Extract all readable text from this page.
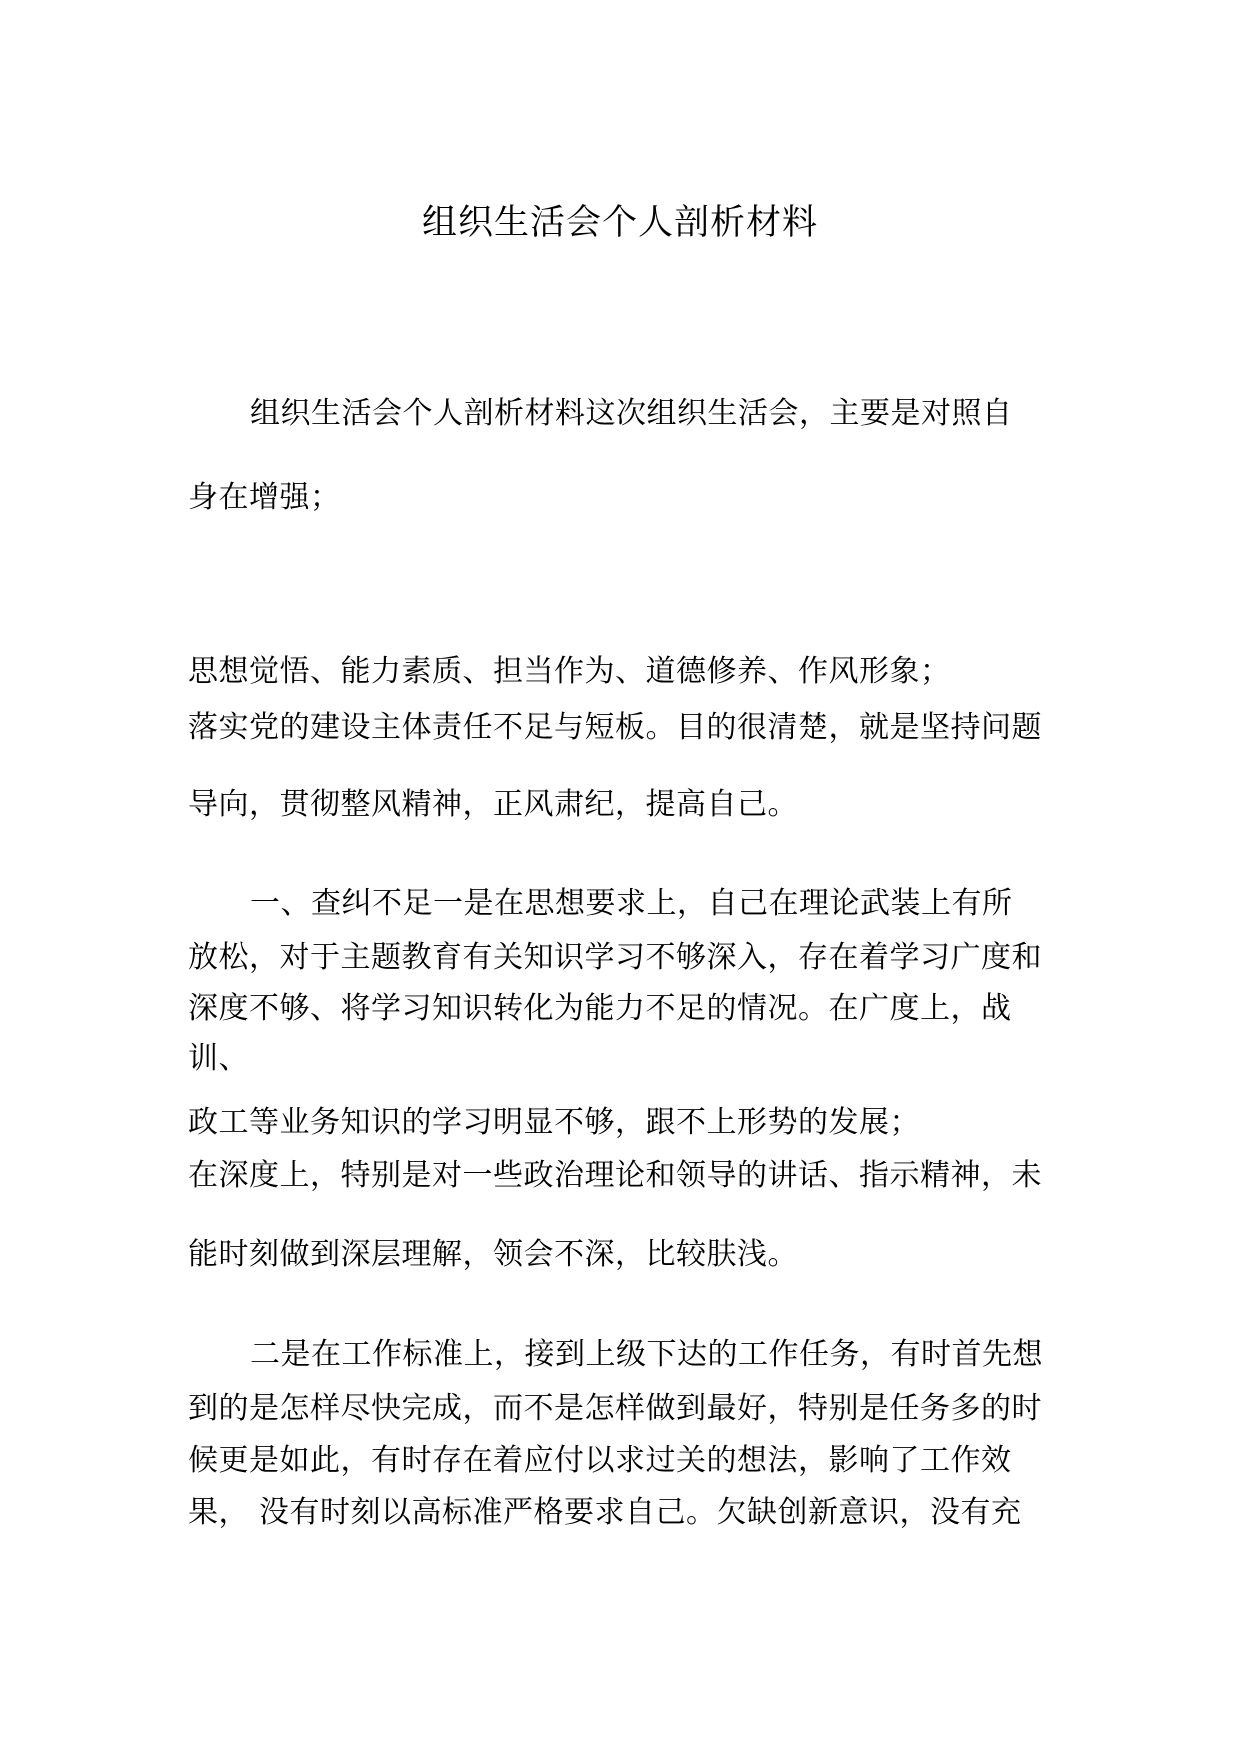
组织生活会个人剖析材料
组织生活会个人剖析材料这次组织生活会，主要是对照自
身在增强；
思想觉悟、能力素质、担当作为、道德修养、作风形象；
落实党的建设主体责任不足与短板。目的很清楚，就是坚持问题
导向，贯彻整风精神，正风肃纪，提高自己。
一、查纠不足一是在思想要求上，自己在理论武装上有所
放松，对于主题教育有关知识学习不够深入，存在着学习广度和
深度不够、将学习知识转化为能力不足的情况。在广度上，战
训、
政工等业务知识的学习明显不够，跟不上形势的发展；
在深度上，特别是对一些政治理论和领导的讲话、指示精神，未
能时刻做到深层理解，领会不深，比较肤浅。
二是在工作标准上，接到上级下达的工作任务，有时首先想
到的是怎样尽快完成，而不是怎样做到最好，特别是任务多的时
候更是如此，有时存在着应付以求过关的想法，影响了工作效
果， 没有时刻以高标准严格要求自己。欠缺创新意识，没有充
